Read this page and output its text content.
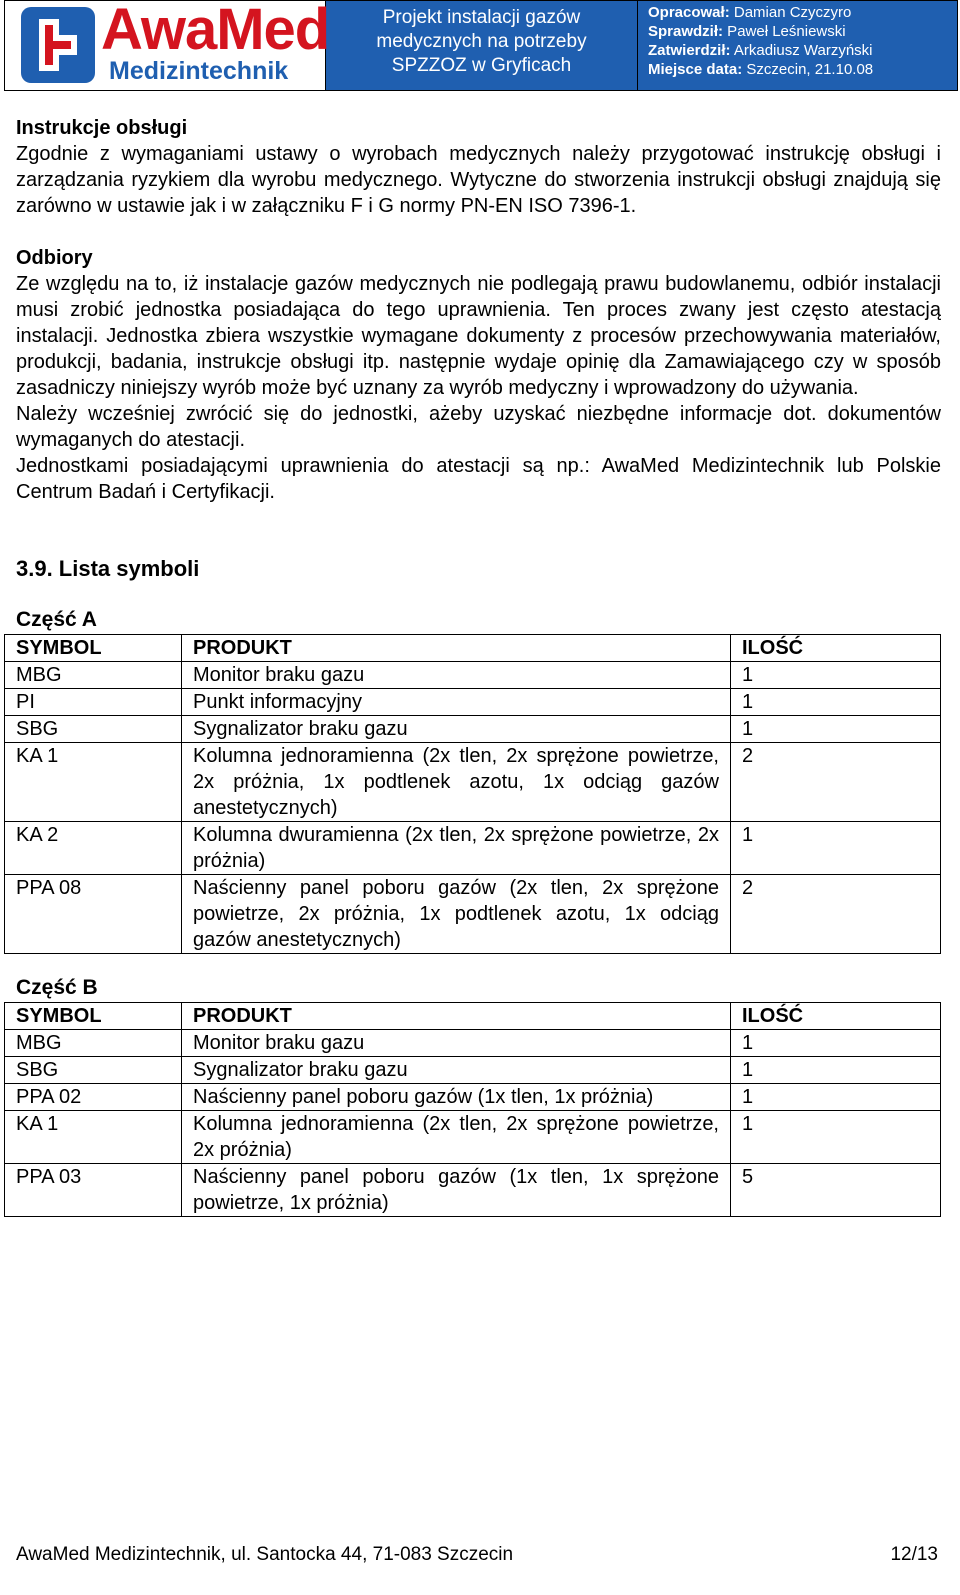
AwaMed
Medizintechnik
Projekt instalacji gazów
medycznych na potrzeby
SPZZOZ w Gryficach
Opracował: Damian Czyczyro
Sprawdził: Paweł Leśniewski
Zatwierdził: Arkadiusz Warzyński
Miejsce data: Szczecin, 21.10.08

Instrukcje obsługi

Zgodnie z wymaganiami ustawy o wyrobach medycznych należy przygotować instrukcję obsługi i zarządzania ryzykiem dla wyrobu medycznego. Wytyczne do stworzenia instrukcji obsługi znajdują się zarówno w ustawie jak i w załączniku F i G normy PN-EN ISO 7396-1.

Odbiory

Ze względu na to, iż instalacje gazów medycznych nie podlegają prawu budowlanemu, odbiór instalacji musi zrobić jednostka posiadająca do tego uprawnienia. Ten proces zwany jest często atestacją instalacji. Jednostka zbiera wszystkie wymagane dokumenty z procesów przechowywania materiałów, produkcji, badania, instrukcje obsługi itp. następnie wydaje opinię dla Zamawiającego czy w sposób zasadniczy niniejszy wyrób może być uznany za wyrób medyczny i wprowadzony do używania.

Należy wcześniej zwrócić się do jednostki, ażeby uzyskać niezbędne informacje dot. dokumentów wymaganych do atestacji.

Jednostkami posiadającymi uprawnienia do atestacji są np.: AwaMed Medizintechnik lub Polskie Centrum Badań i Certyfikacji.

3.9. Lista symboli
Część A
SYMBOL	PRODUKT	ILOŚĆ
MBG	Monitor braku gazu	1
PI	Punkt informacyjny	1
SBG	Sygnalizator braku gazu	1
KA 1	Kolumna jednoramienna (2x tlen, 2x sprężone powietrze, 2x próżnia, 1x podtlenek azotu, 1x odciąg gazów anestetycznych)	2
KA 2	Kolumna dwuramienna (2x tlen, 2x sprężone powietrze, 2x próżnia)	1
PPA 08	Naścienny panel poboru gazów (2x tlen, 2x sprężone powietrze, 2x próżnia, 1x podtlenek azotu, 1x odciąg gazów anestetycznych)	2
Część B
SYMBOL	PRODUKT	ILOŚĆ
MBG	Monitor braku gazu	1
SBG	Sygnalizator braku gazu	1
PPA 02	Naścienny panel poboru gazów (1x tlen, 1x próżnia)	1
KA 1	Kolumna jednoramienna (2x tlen, 2x sprężone powietrze, 2x próżnia)	1
PPA 03	Naścienny panel poboru gazów (1x tlen, 1x sprężone powietrze, 1x próżnia)	5
AwaMed Medizintechnik, ul. Santocka 44, 71-083 Szczecin	12/13
